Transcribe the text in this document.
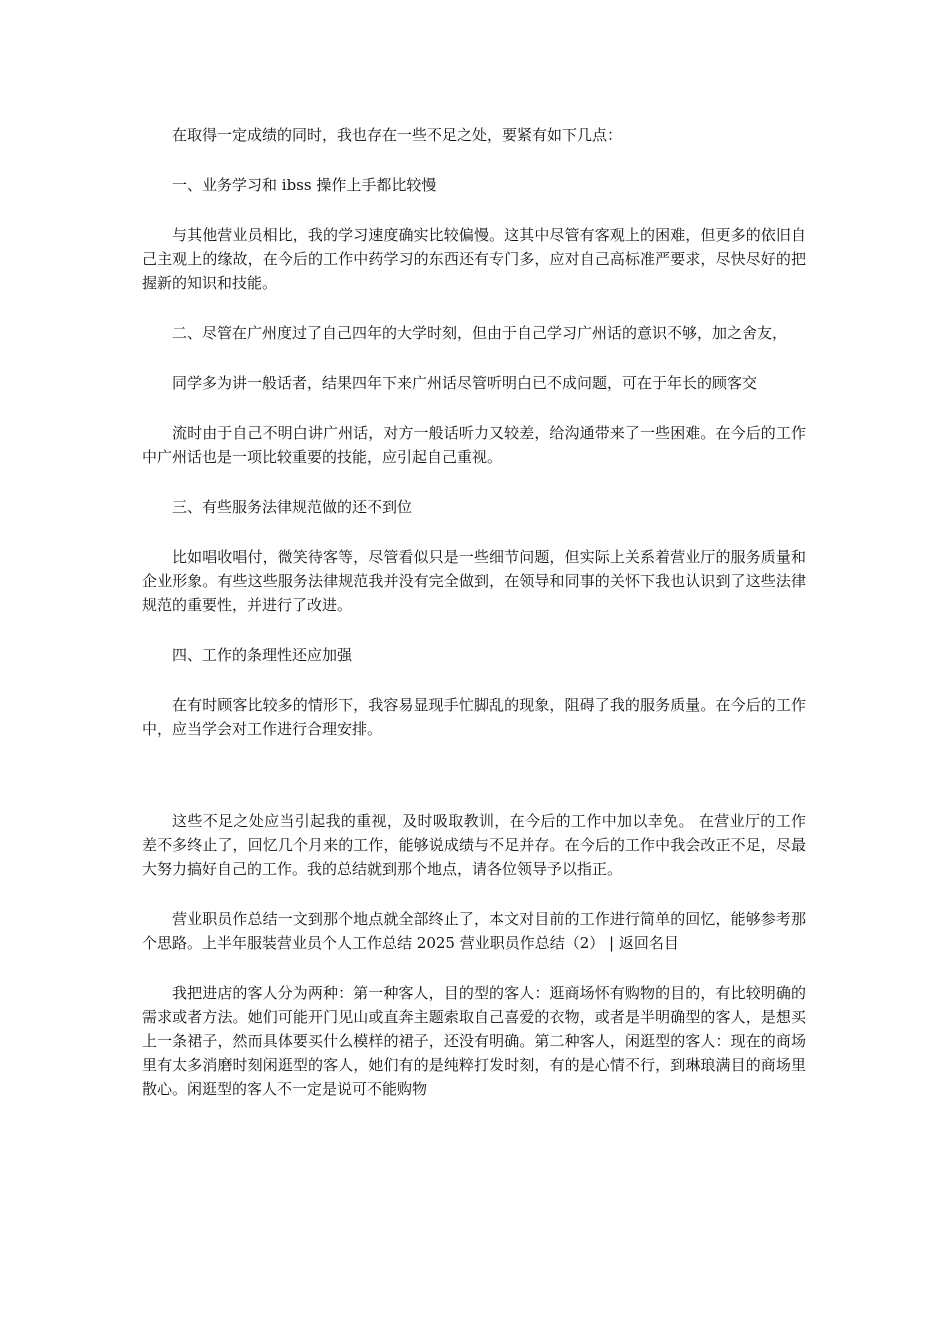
在取得一定成绩的同时，我也存在一些不足之处，要紧有如下几点：

一、业务学习和 ibss 操作上手都比较慢

与其他营业员相比，我的学习速度确实比较偏慢。这其中尽管有客观上的困难，但更多的依旧自己主观上的缘故，在今后的工作中药学习的东西还有专门多，应对自己高标准严要求，尽快尽好的把握新的知识和技能。

二、尽管在广州度过了自己四年的大学时刻，但由于自己学习广州话的意识不够，加之舍友，

同学多为讲一般话者，结果四年下来广州话尽管听明白已不成问题，可在于年长的顾客交

流时由于自己不明白讲广州话，对方一般话听力又较差，给沟通带来了一些困难。在今后的工作中广州话也是一项比较重要的技能，应引起自己重视。

三、有些服务法律规范做的还不到位

比如唱收唱付，微笑待客等，尽管看似只是一些细节问题，但实际上关系着营业厅的服务质量和企业形象。有些这些服务法律规范我并没有完全做到，在领导和同事的关怀下我也认识到了这些法律规范的重要性，并进行了改进。

四、工作的条理性还应加强

在有时顾客比较多的情形下，我容易显现手忙脚乱的现象，阻碍了我的服务质量。在今后的工作中，应当学会对工作进行合理安排。

这些不足之处应当引起我的重视，及时吸取教训，在今后的工作中加以幸免。 在营业厅的工作差不多终止了，回忆几个月来的工作，能够说成绩与不足并存。在今后的工作中我会改正不足，尽最大努力搞好自己的工作。我的总结就到那个地点，请各位领导予以指正。

营业职员作总结一文到那个地点就全部终止了，本文对目前的工作进行简单的回忆，能够参考那个思路。上半年服装营业员个人工作总结 2025 营业职员作总结（2） | 返回名目

我把进店的客人分为两种：第一种客人，目的型的客人：逛商场怀有购物的目的，有比较明确的需求或者方法。她们可能开门见山或直奔主题索取自己喜爱的衣物，或者是半明确型的客人，是想买上一条裙子，然而具体要买什么模样的裙子，还没有明确。第二种客人，闲逛型的客人：现在的商场里有太多消磨时刻闲逛型的客人，她们有的是纯粹打发时刻，有的是心情不行，到琳琅满目的商场里散心。闲逛型的客人不一定是说可不能购物
